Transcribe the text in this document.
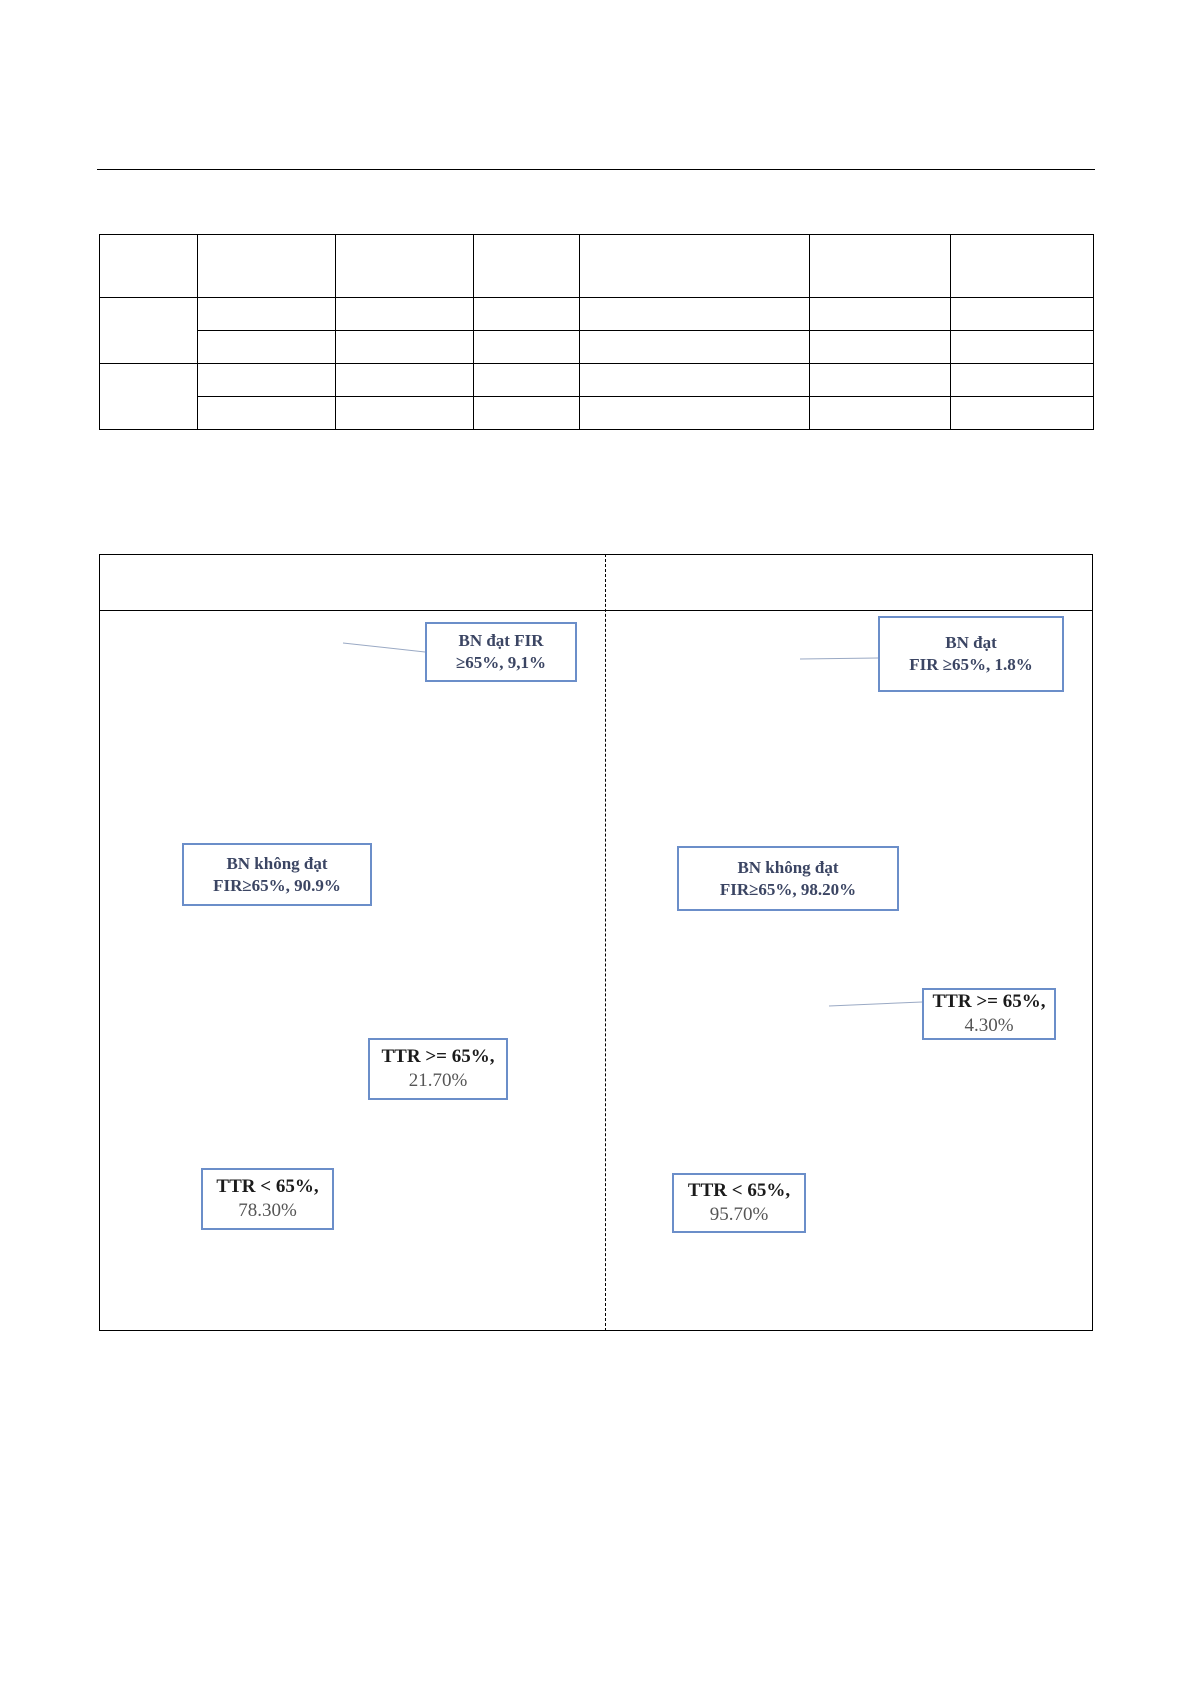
BN đạt FIR
≥65%, 9,1%
BN không đạt
FIR≥65%, 90.9%
BN đạt
FIR ≥65%, 1.8%
BN không đạt
FIR≥65%, 98.20%
TTR >= 65%,
21.70%
TTR < 65%,
78.30%
TTR >= 65%,
4.30%
TTR < 65%,
95.70%
